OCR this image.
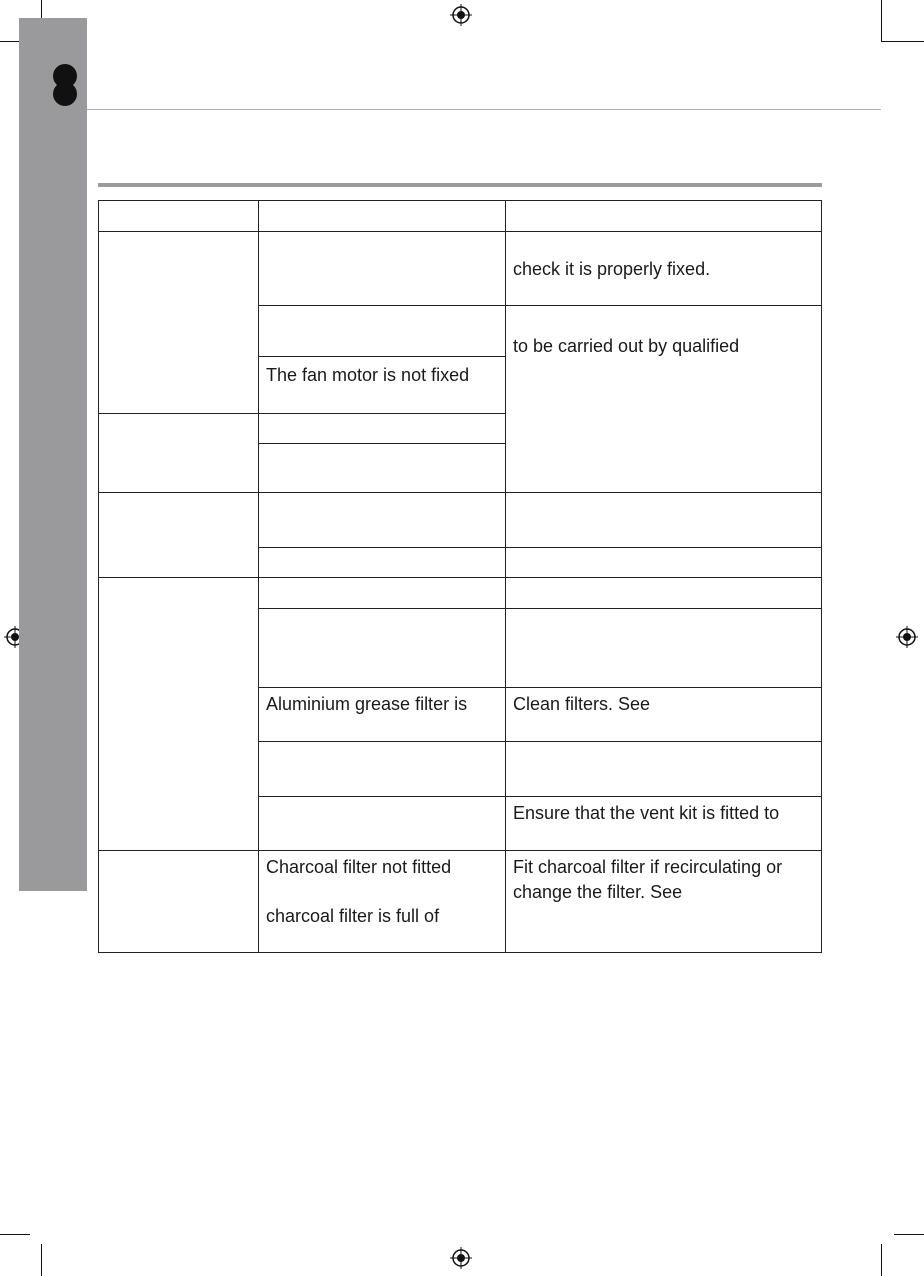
check it is properly fixed.
to be carried out by qualified
The fan motor is not fixed
Aluminium grease filter is	Clean filters. See
Ensure that the vent kit is fitted to
Charcoal filter not fitted
charcoal filter is full of
Fit charcoal filter if recirculating or
change the filter. See
